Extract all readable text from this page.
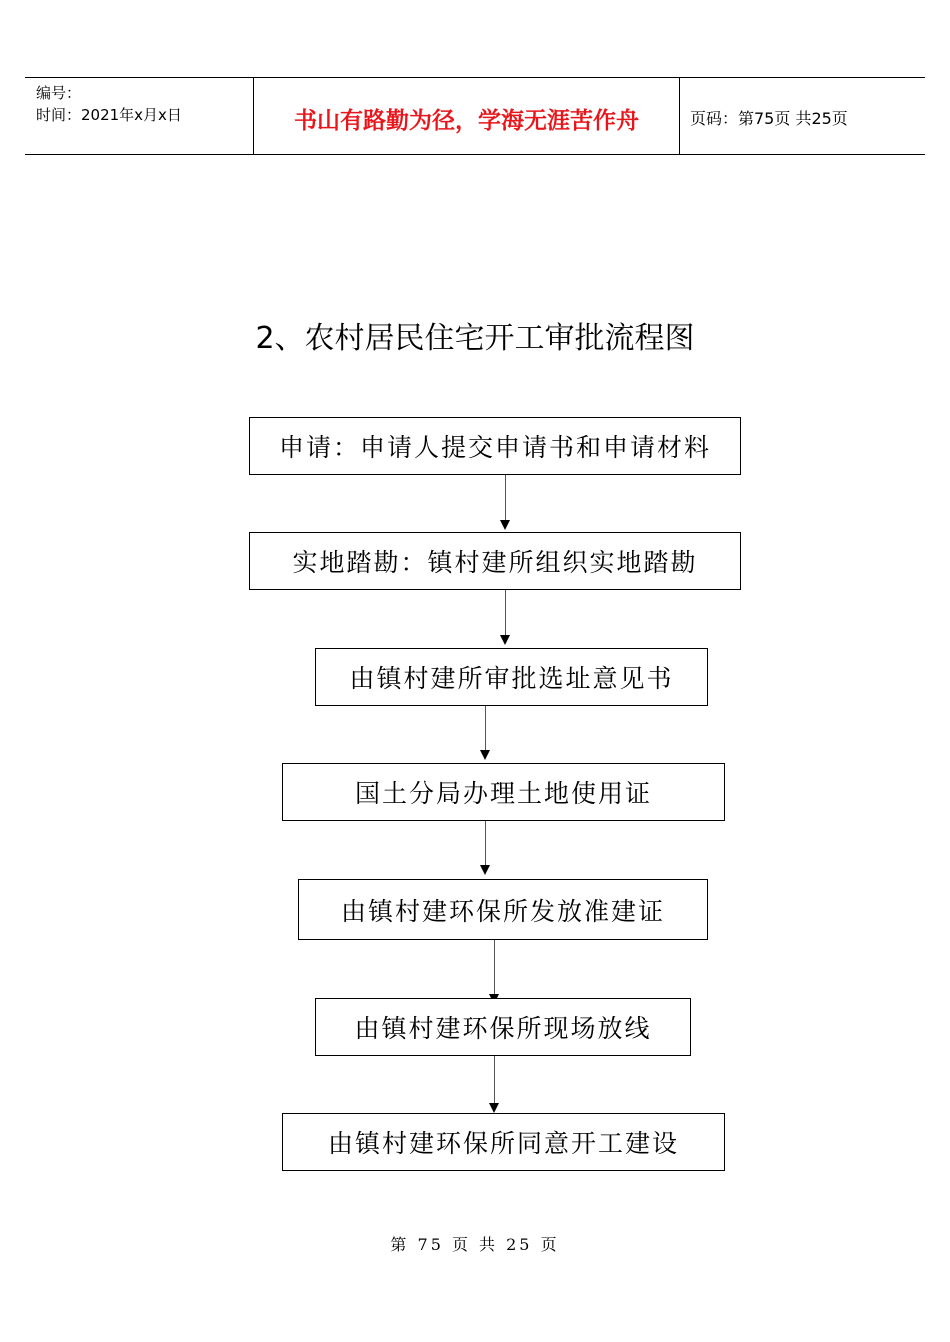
编号：
时间：2021年x月x日	书山有路勤为径，学海无涯苦作舟	页码：第75页 共25页
2、农村居民住宅开工审批流程图
申请：申请人提交申请书和申请材料
实地踏勘：镇村建所组织实地踏勘
由镇村建所审批选址意见书
国土分局办理土地使用证
由镇村建环保所发放准建证
由镇村建环保所现场放线
由镇村建环保所同意开工建设
第 75 页 共 25 页
